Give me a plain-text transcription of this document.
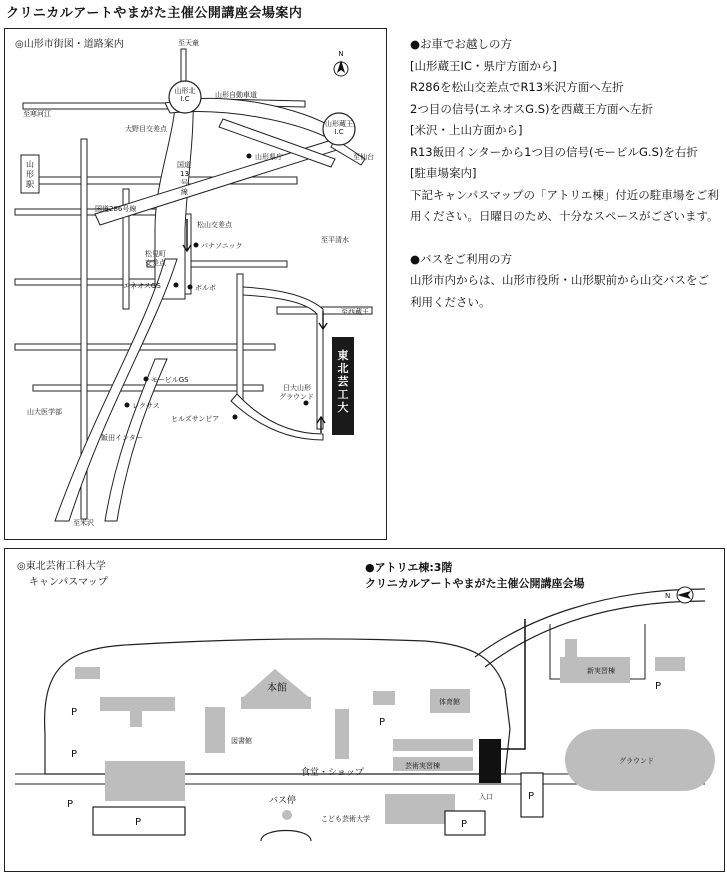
クリニカルアートやまがた主催公開講座会場案内
東北芸工大
N
◎山形市街図・道路案内	至天童
山形北 I.C	山形自動車道
至寒河江
大野目交差点
山形蔵王 I.C
国道 13 号線
山形県庁	至仙台
山形駅
国道286号線
松山交差点
パナソニック
至平清水
松見町交差点
エネオスGS	ボルボ
至西蔵王
モービルGS
日大山形グラウンド
山大医学部
レクサス
ヒルズサンピア
飯田インター
至米沢
●お車でお越しの方
[山形蔵王IC・県庁方面から]
R286を松山交差点でR13米沢方面へ左折
2つ目の信号(エネオスG.S)を西蔵王方面へ左折
[米沢・上山方面から]
R13飯田インターから1つ目の信号(モービルG.S)を右折
[駐車場案内]
下記キャンパスマップの「アトリエ棟」付近の駐車場をご利
用ください。日曜日のため、十分なスペースがございます。
●バスをご利用の方
山形市内からは、山形市役所・山形駅前から山交バスをご
利用ください。
N
◎東北芸術工科大学
キャンパスマップ
●アトリエ棟:3階
クリニカルアートやまがた主催公開講座会場
本館
図書館
食堂・ショップ
体育館
芸術実習棟
新実習棟
グラウンド
バス停
こども芸術大学
入口
P
P
P
P
P
P
P
P
